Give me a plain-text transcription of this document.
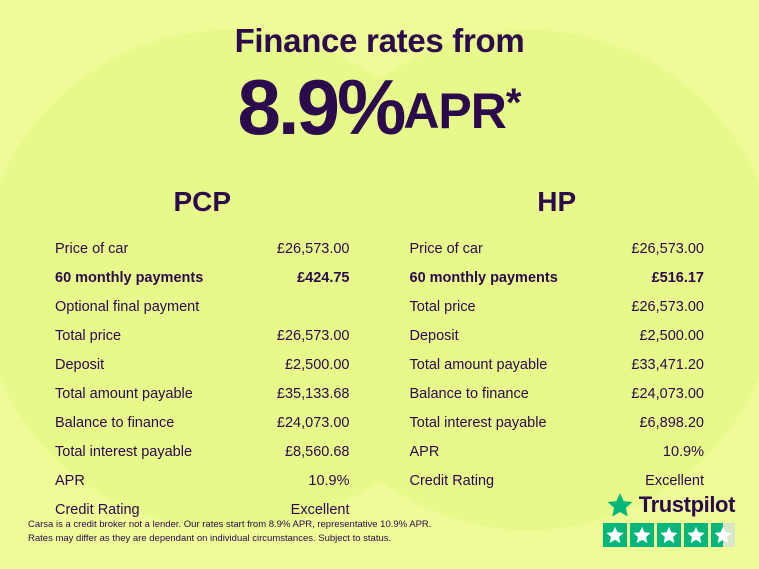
Finance rates from
8.9%APR*
PCP
Price of car	£26,573.00
60 monthly payments	£424.75
Optional final payment	
Total price	£26,573.00
Deposit	£2,500.00
Total amount payable	£35,133.68
Balance to finance	£24,073.00
Total interest payable	£8,560.68
APR	10.9%
Credit Rating	Excellent
HP
Price of car	£26,573.00
60 monthly payments	£516.17
Total price	£26,573.00
Deposit	£2,500.00
Total amount payable	£33,471.20
Balance to finance	£24,073.00
Total interest payable	£6,898.20
APR	10.9%
Credit Rating	Excellent
Carsa is a credit broker not a lender. Our rates start from 8.9% APR, representative 10.9% APR.
Rates may differ as they are dependant on individual circumstances. Subject to status.
Trustpilot
